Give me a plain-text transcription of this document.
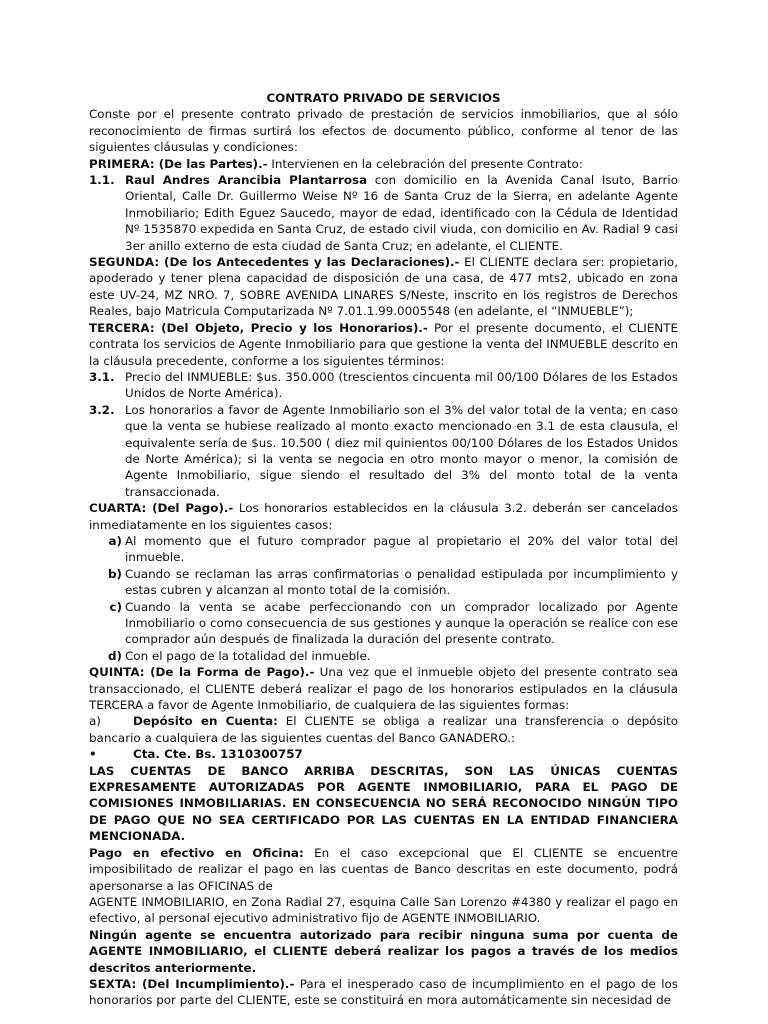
CONTRATO PRIVADO DE SERVICIOS

Conste por el presente contrato privado de prestación de servicios inmobiliarios, que al sólo reconocimiento de firmas surtirá los efectos de documento público, conforme al tenor de las siguientes cláusulas y condiciones:

PRIMERA: (De las Partes).- Intervienen en la celebración del presente Contrato:

1.1. Raul Andres Arancibia Plantarrosa con domicilio en la Avenida Canal Isuto, Barrio Oriental, Calle Dr. Guillermo Weise Nº 16 de Santa Cruz de la Sierra, en adelante Agente Inmobiliario; Edith Eguez Saucedo, mayor de edad, identificado con la Cédula de Identidad Nº 1535870 expedida en Santa Cruz, de estado civil viuda, con domicilio en Av. Radial 9 casi 3er anillo externo de esta ciudad de Santa Cruz; en adelante, el CLIENTE.

SEGUNDA: (De los Antecedentes y las Declaraciones).- El CLIENTE declara ser: propietario, apoderado y tener plena capacidad de disposición de una casa, de 477 mts2, ubicado en zona este UV-24, MZ NRO. 7, SOBRE AVENIDA LINARES S/Neste, inscrito en los registros de Derechos Reales, bajo Matricula Computarizada Nº 7.01.1.99.0005548 (en adelante, el “INMUEBLE”);

TERCERA: (Del Objeto, Precio y los Honorarios).- Por el presente documento, el CLIENTE contrata los servicios de Agente Inmobiliario para que gestione la venta del INMUEBLE descrito en la cláusula precedente, conforme a los siguientes términos:

3.1. Precio del INMUEBLE: $us. 350.000 (trescientos cincuenta mil 00/100 Dólares de los Estados Unidos de Norte América).
3.2. Los honorarios a favor de Agente Inmobiliario son el 3% del valor total de la venta; en caso que la venta se hubiese realizado al monto exacto mencionado en 3.1 de esta clausula, el equivalente sería de $us. 10.500 ( diez mil quinientos 00/100 Dólares de los Estados Unidos de Norte América); si la venta se negocia en otro monto mayor o menor, la comisión de Agente Inmobiliario, sigue siendo el resultado del 3% del monto total de la venta transaccionada.

CUARTA: (Del Pago).- Los honorarios establecidos en la cláusula 3.2. deberán ser cancelados inmediatamente en los siguientes casos:

a) Al momento que el futuro comprador pague al propietario el 20% del valor total del inmueble.
b) Cuando se reclaman las arras confirmatorias o penalidad estipulada por incumplimiento y estas cubren y alcanzan al monto total de la comisión.
c) Cuando la venta se acabe perfeccionando con un comprador localizado por Agente Inmobiliario o como consecuencia de sus gestiones y aunque la operación se realice con ese comprador aún después de finalizada la duración del presente contrato.
d) Con el pago de la totalidad del inmueble.

QUINTA: (De la Forma de Pago).- Una vez que el inmueble objeto del presente contrato sea transaccionado, el CLIENTE deberá realizar el pago de los honorarios estipulados en la cláusula TERCERA a favor de Agente Inmobiliario, de cualquiera de las siguientes formas:

a)	Depósito en Cuenta: El CLIENTE se obliga a realizar una transferencia o depósito bancario a cualquiera de las siguientes cuentas del Banco GANADERO.:

•	Cta. Cte. Bs. 1310300757
LAS CUENTAS DE BANCO ARRIBA DESCRITAS, SON LAS ÚNICAS CUENTAS EXPRESAMENTE AUTORIZADAS POR AGENTE INMOBILIARIO, PARA EL PAGO DE COMISIONES INMOBILIARIAS. EN CONSECUENCIA NO SERÁ RECONOCIDO NINGÚN TIPO DE PAGO QUE NO SEA CERTIFICADO POR LAS CUENTAS EN LA ENTIDAD FINANCIERA MENCIONADA.

Pago en efectivo en Oficina: En el caso excepcional que El CLIENTE se encuentre imposibilitado de realizar el pago en las cuentas de Banco descritas en este documento, podrá apersonarse a las OFICINAS de

AGENTE INMOBILIARIO, en Zona Radial 27, esquina Calle San Lorenzo #4380 y realizar el pago en efectivo, al personal ejecutivo administrativo fijo de AGENTE INMOBILIARIO.

Ningún agente se encuentra autorizado para recibir ninguna suma por cuenta de AGENTE INMOBILIARIO, el CLIENTE deberá realizar los pagos a través de los medios descritos anteriormente.

SEXTA: (Del Incumplimiento).- Para el inesperado caso de incumplimiento en el pago de los honorarios por parte del CLIENTE, este se constituirá en mora automáticamente sin necesidad de
